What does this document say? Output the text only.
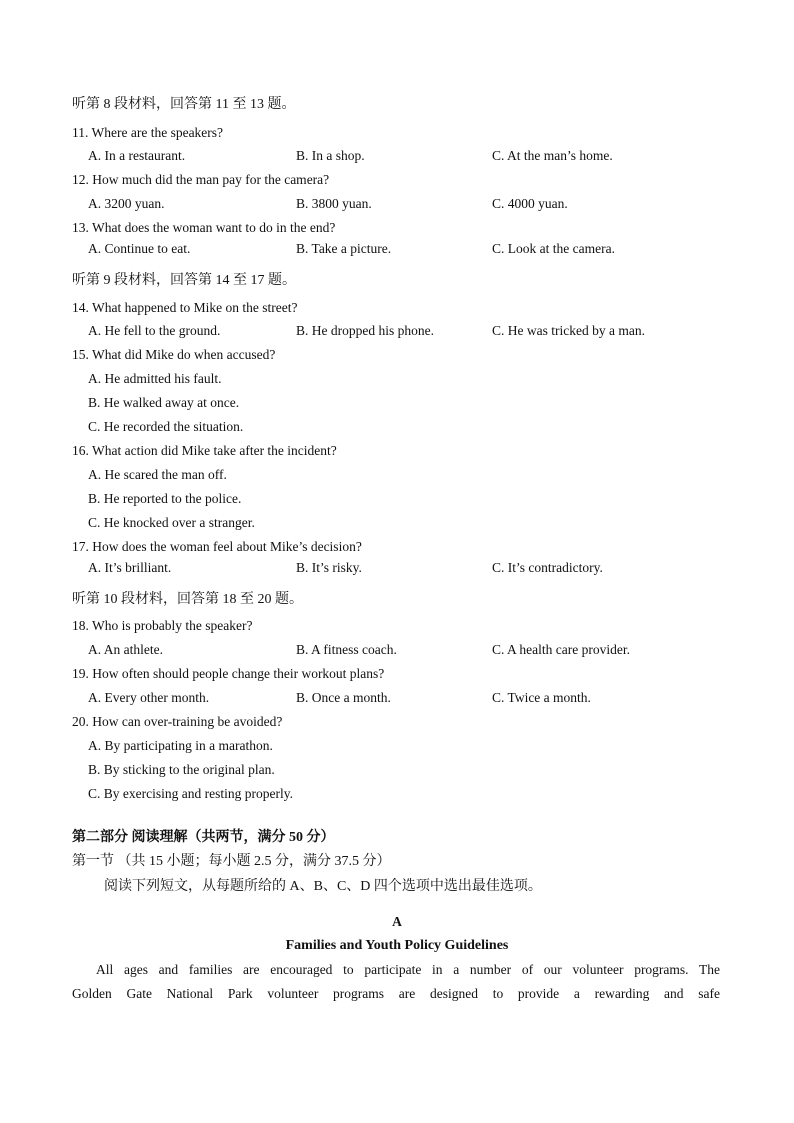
听第 8 段材料，回答第 11 至 13 题。
11. Where are the speakers?
A. In a restaurant.	B. In a shop.	C. At the man’s home.
12. How much did the man pay for the camera?
A. 3200 yuan.	B. 3800 yuan.	C. 4000 yuan.
13. What does the woman want to do in the end?
A. Continue to eat.	B. Take a picture.	C. Look at the camera.
听第 9 段材料，回答第 14 至 17 题。
14. What happened to Mike on the street?
A. He fell to the ground.	B. He dropped his phone.	C. He was tricked by a man.
15. What did Mike do when accused?
A. He admitted his fault.
B. He walked away at once.
C. He recorded the situation.
16. What action did Mike take after the incident?
A. He scared the man off.
B. He reported to the police.
C. He knocked over a stranger.
17. How does the woman feel about Mike’s decision?
A. It’s brilliant.	B. It’s risky.	C. It’s contradictory.
听第 10 段材料，回答第 18 至 20 题。
18. Who is probably the speaker?
A. An athlete.	B. A fitness coach.	C. A health care provider.
19. How often should people change their workout plans?
A. Every other month.	B. Once a month.	C. Twice a month.
20. How can over-training be avoided?
A. By participating in a marathon.
B. By sticking to the original plan.
C. By exercising and resting properly.
第二部分 阅读理解（共两节，满分 50 分）
第一节 （共 15 小题；每小题 2.5 分，满分 37.5 分）
阅读下列短文，从每题所给的 A、B、C、D 四个选项中选出最佳选项。
A
Families and Youth Policy Guidelines
All ages and families are encouraged to participate in a number of our volunteer programs. The
Golden Gate National Park volunteer programs are designed to provide a rewarding and safe
